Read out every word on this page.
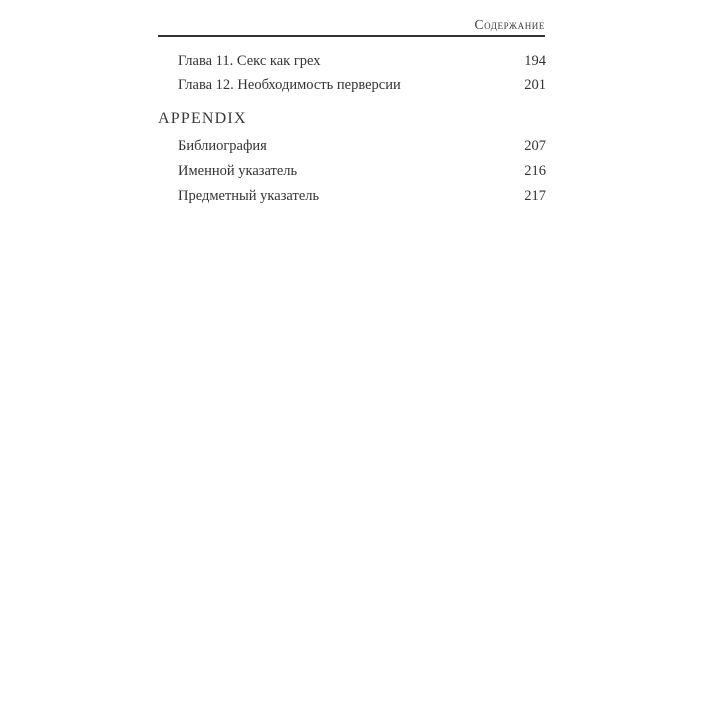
Содержание
Глава 11. Секс как грех	194
Глава 12. Необходимость перверсии	201
APPENDIX
Библиография	207
Именной указатель	216
Предметный указатель	217
